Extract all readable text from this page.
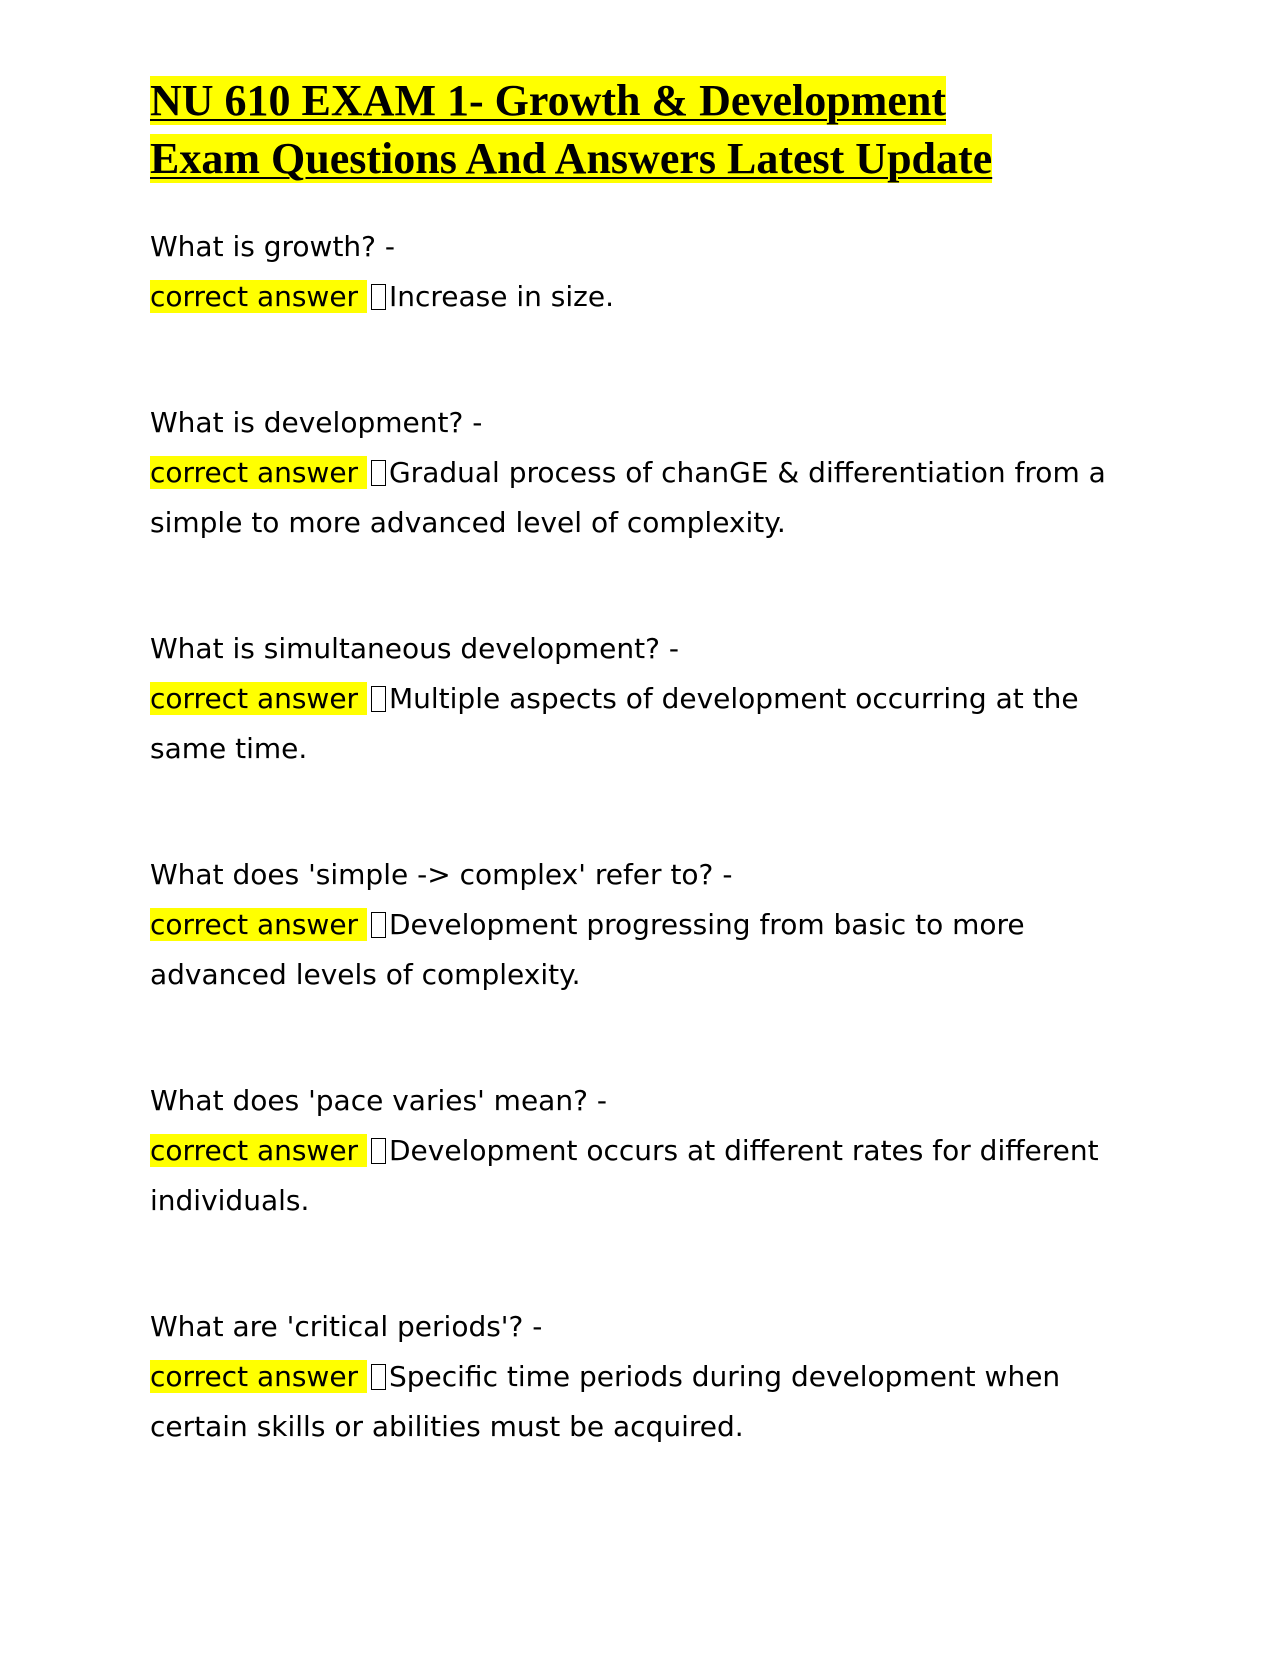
NU 610 EXAM 1- Growth & Development
Exam Questions And Answers Latest Update
What is growth? -
correct answer Increase in size.
What is development? -
correct answer Gradual process of chanGE & differentiation from a simple to more advanced level of complexity.
What is simultaneous development? -
correct answer Multiple aspects of development occurring at the same time.
What does 'simple -> complex' refer to? -
correct answer Development progressing from basic to more advanced levels of complexity.
What does 'pace varies' mean? -
correct answer Development occurs at different rates for different individuals.
What are 'critical periods'? -
correct answer Specific time periods during development when certain skills or abilities must be acquired.
